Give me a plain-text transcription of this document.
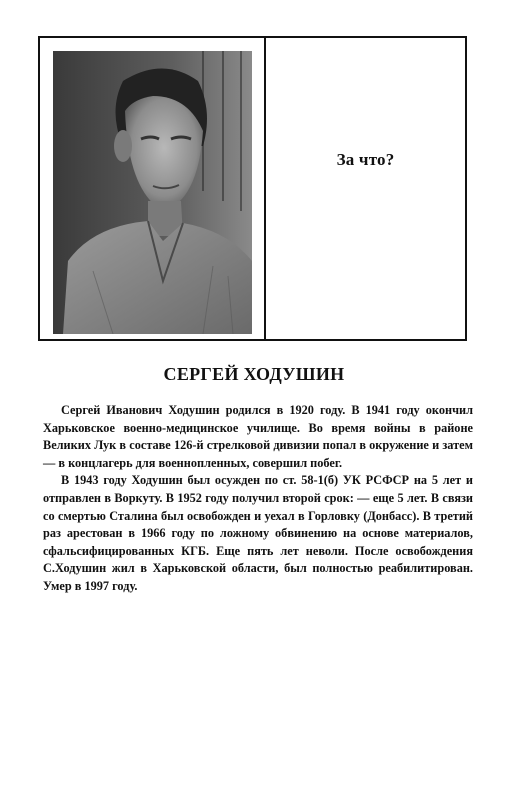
За что?
СЕРГЕЙ ХОДУШИН

Сергей Иванович Ходушин родился в 1920 году. В 1941 году окончил Харьковское военно-медицинское училище. Во время войны в районе Великих Лук в составе 126-й стрелковой дивизии попал в окружение и затем — в концлагерь для военнопленных, совершил побег.

В 1943 году Ходушин был осужден по ст. 58-1(б) УК РСФСР на 5 лет и отправлен в Воркуту. В 1952 году получил второй срок: — еще 5 лет. В связи со смертью Сталина был освобожден и уехал в Горловку (Донбасс). В третий раз арестован в 1966 году по ложному обвинению на основе материалов, сфальсифицированных КГБ. Еще пять лет неволи. После освобождения С.Ходушин жил в Харьковской области, был полностью реабилитирован. Умер в 1997 году.
